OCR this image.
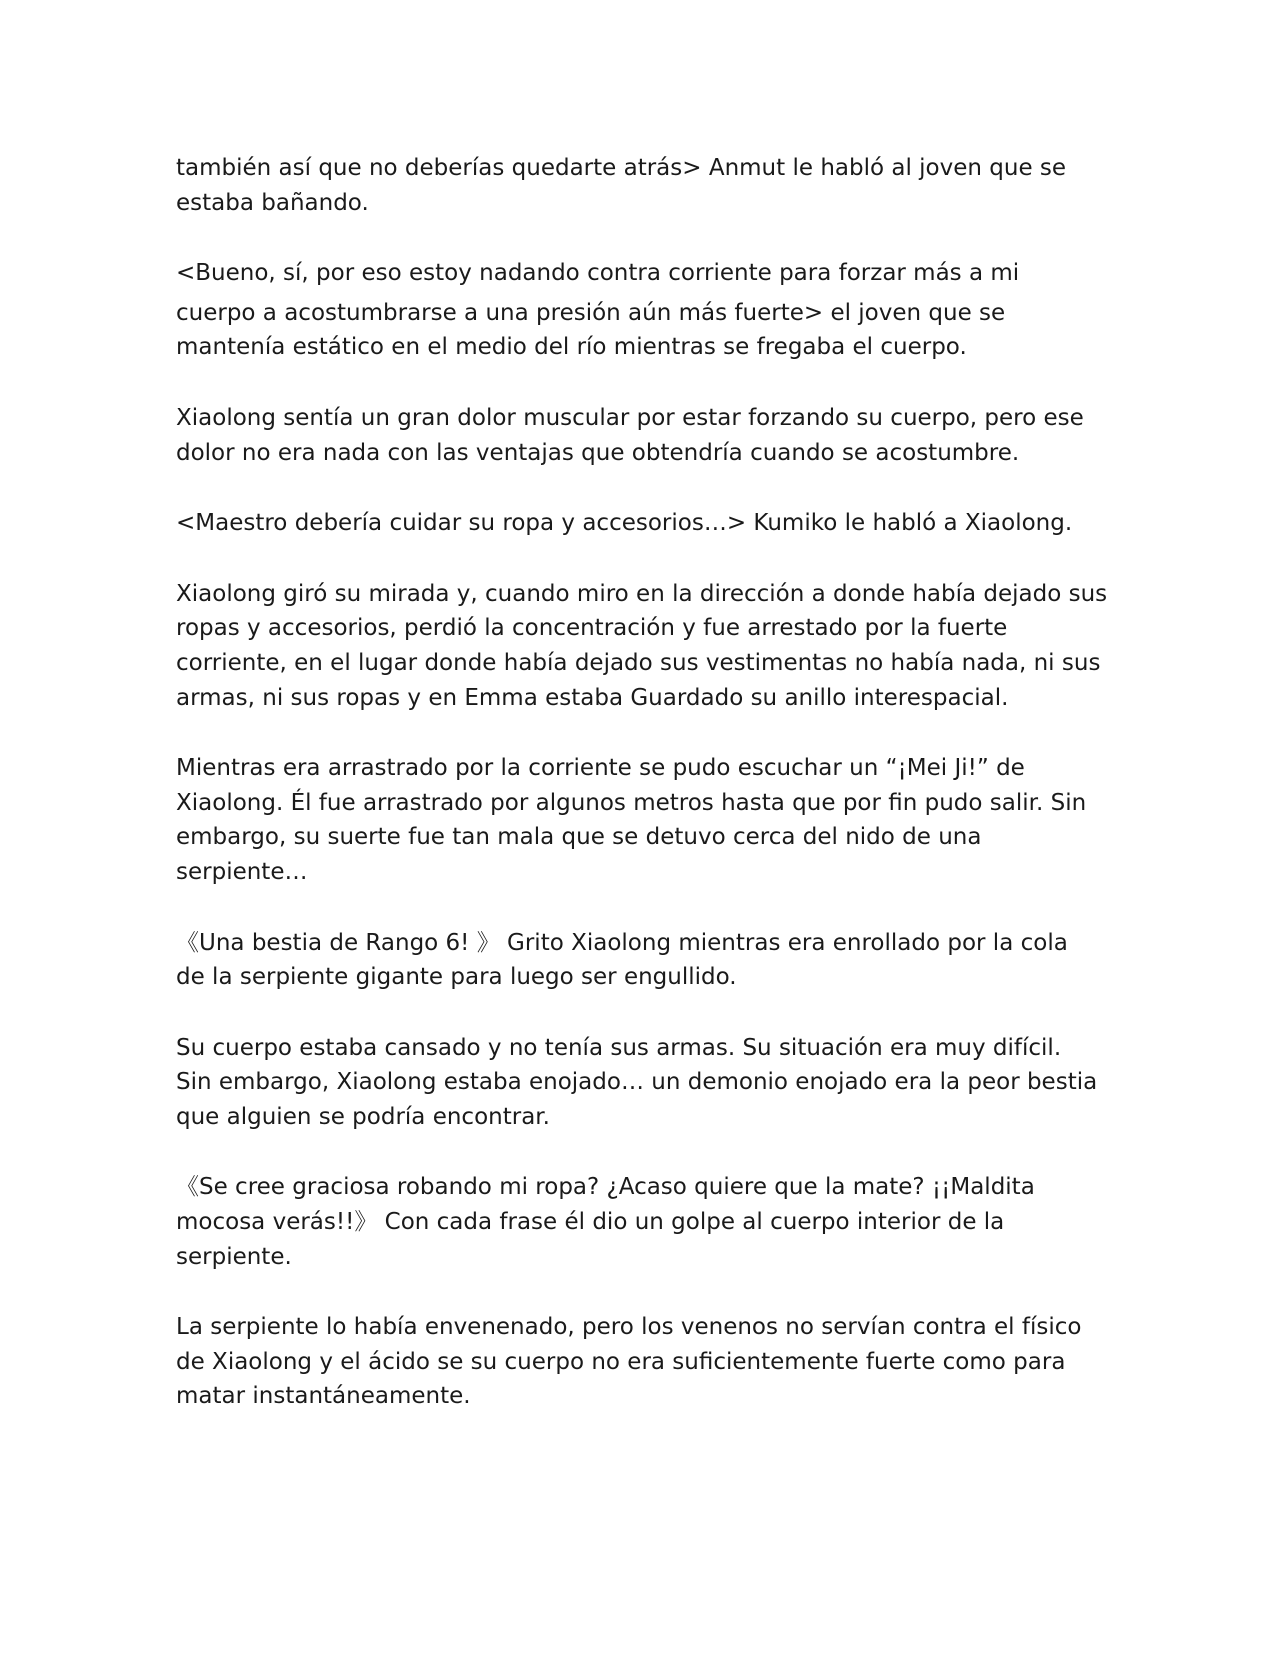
también así que no deberías quedarte atrás> Anmut le habló al joven que se
estaba bañando.

<Bueno, sí, por eso estoy nadando contra corriente para forzar más a mi
cuerpo a acostumbrarse a una presión aún más fuerte> el joven que se
mantenía estático en el medio del río mientras se fregaba el cuerpo.

Xiaolong sentía un gran dolor muscular por estar forzando su cuerpo, pero ese
dolor no era nada con las ventajas que obtendría cuando se acostumbre.

<Maestro debería cuidar su ropa y accesorios…> Kumiko le habló a Xiaolong.

Xiaolong giró su mirada y, cuando miro en la dirección a donde había dejado sus
ropas y accesorios, perdió la concentración y fue arrestado por la fuerte
corriente, en el lugar donde había dejado sus vestimentas no había nada, ni sus
armas, ni sus ropas y en Emma estaba Guardado su anillo interespacial.

Mientras era arrastrado por la corriente se pudo escuchar un “¡Mei Ji!” de
Xiaolong. Él fue arrastrado por algunos metros hasta que por fin pudo salir. Sin
embargo, su suerte fue tan mala que se detuvo cerca del nido de una
serpiente…

《Una bestia de Rango 6! 》 Grito Xiaolong mientras era enrollado por la cola
de la serpiente gigante para luego ser engullido.

Su cuerpo estaba cansado y no tenía sus armas. Su situación era muy difícil.
Sin embargo, Xiaolong estaba enojado… un demonio enojado era la peor bestia
que alguien se podría encontrar.

《Se cree graciosa robando mi ropa? ¿Acaso quiere que la mate? ¡¡Maldita
mocosa verás!!》 Con cada frase él dio un golpe al cuerpo interior de la
serpiente.

La serpiente lo había envenenado, pero los venenos no servían contra el físico
de Xiaolong y el ácido se su cuerpo no era suficientemente fuerte como para
matar instantáneamente.
